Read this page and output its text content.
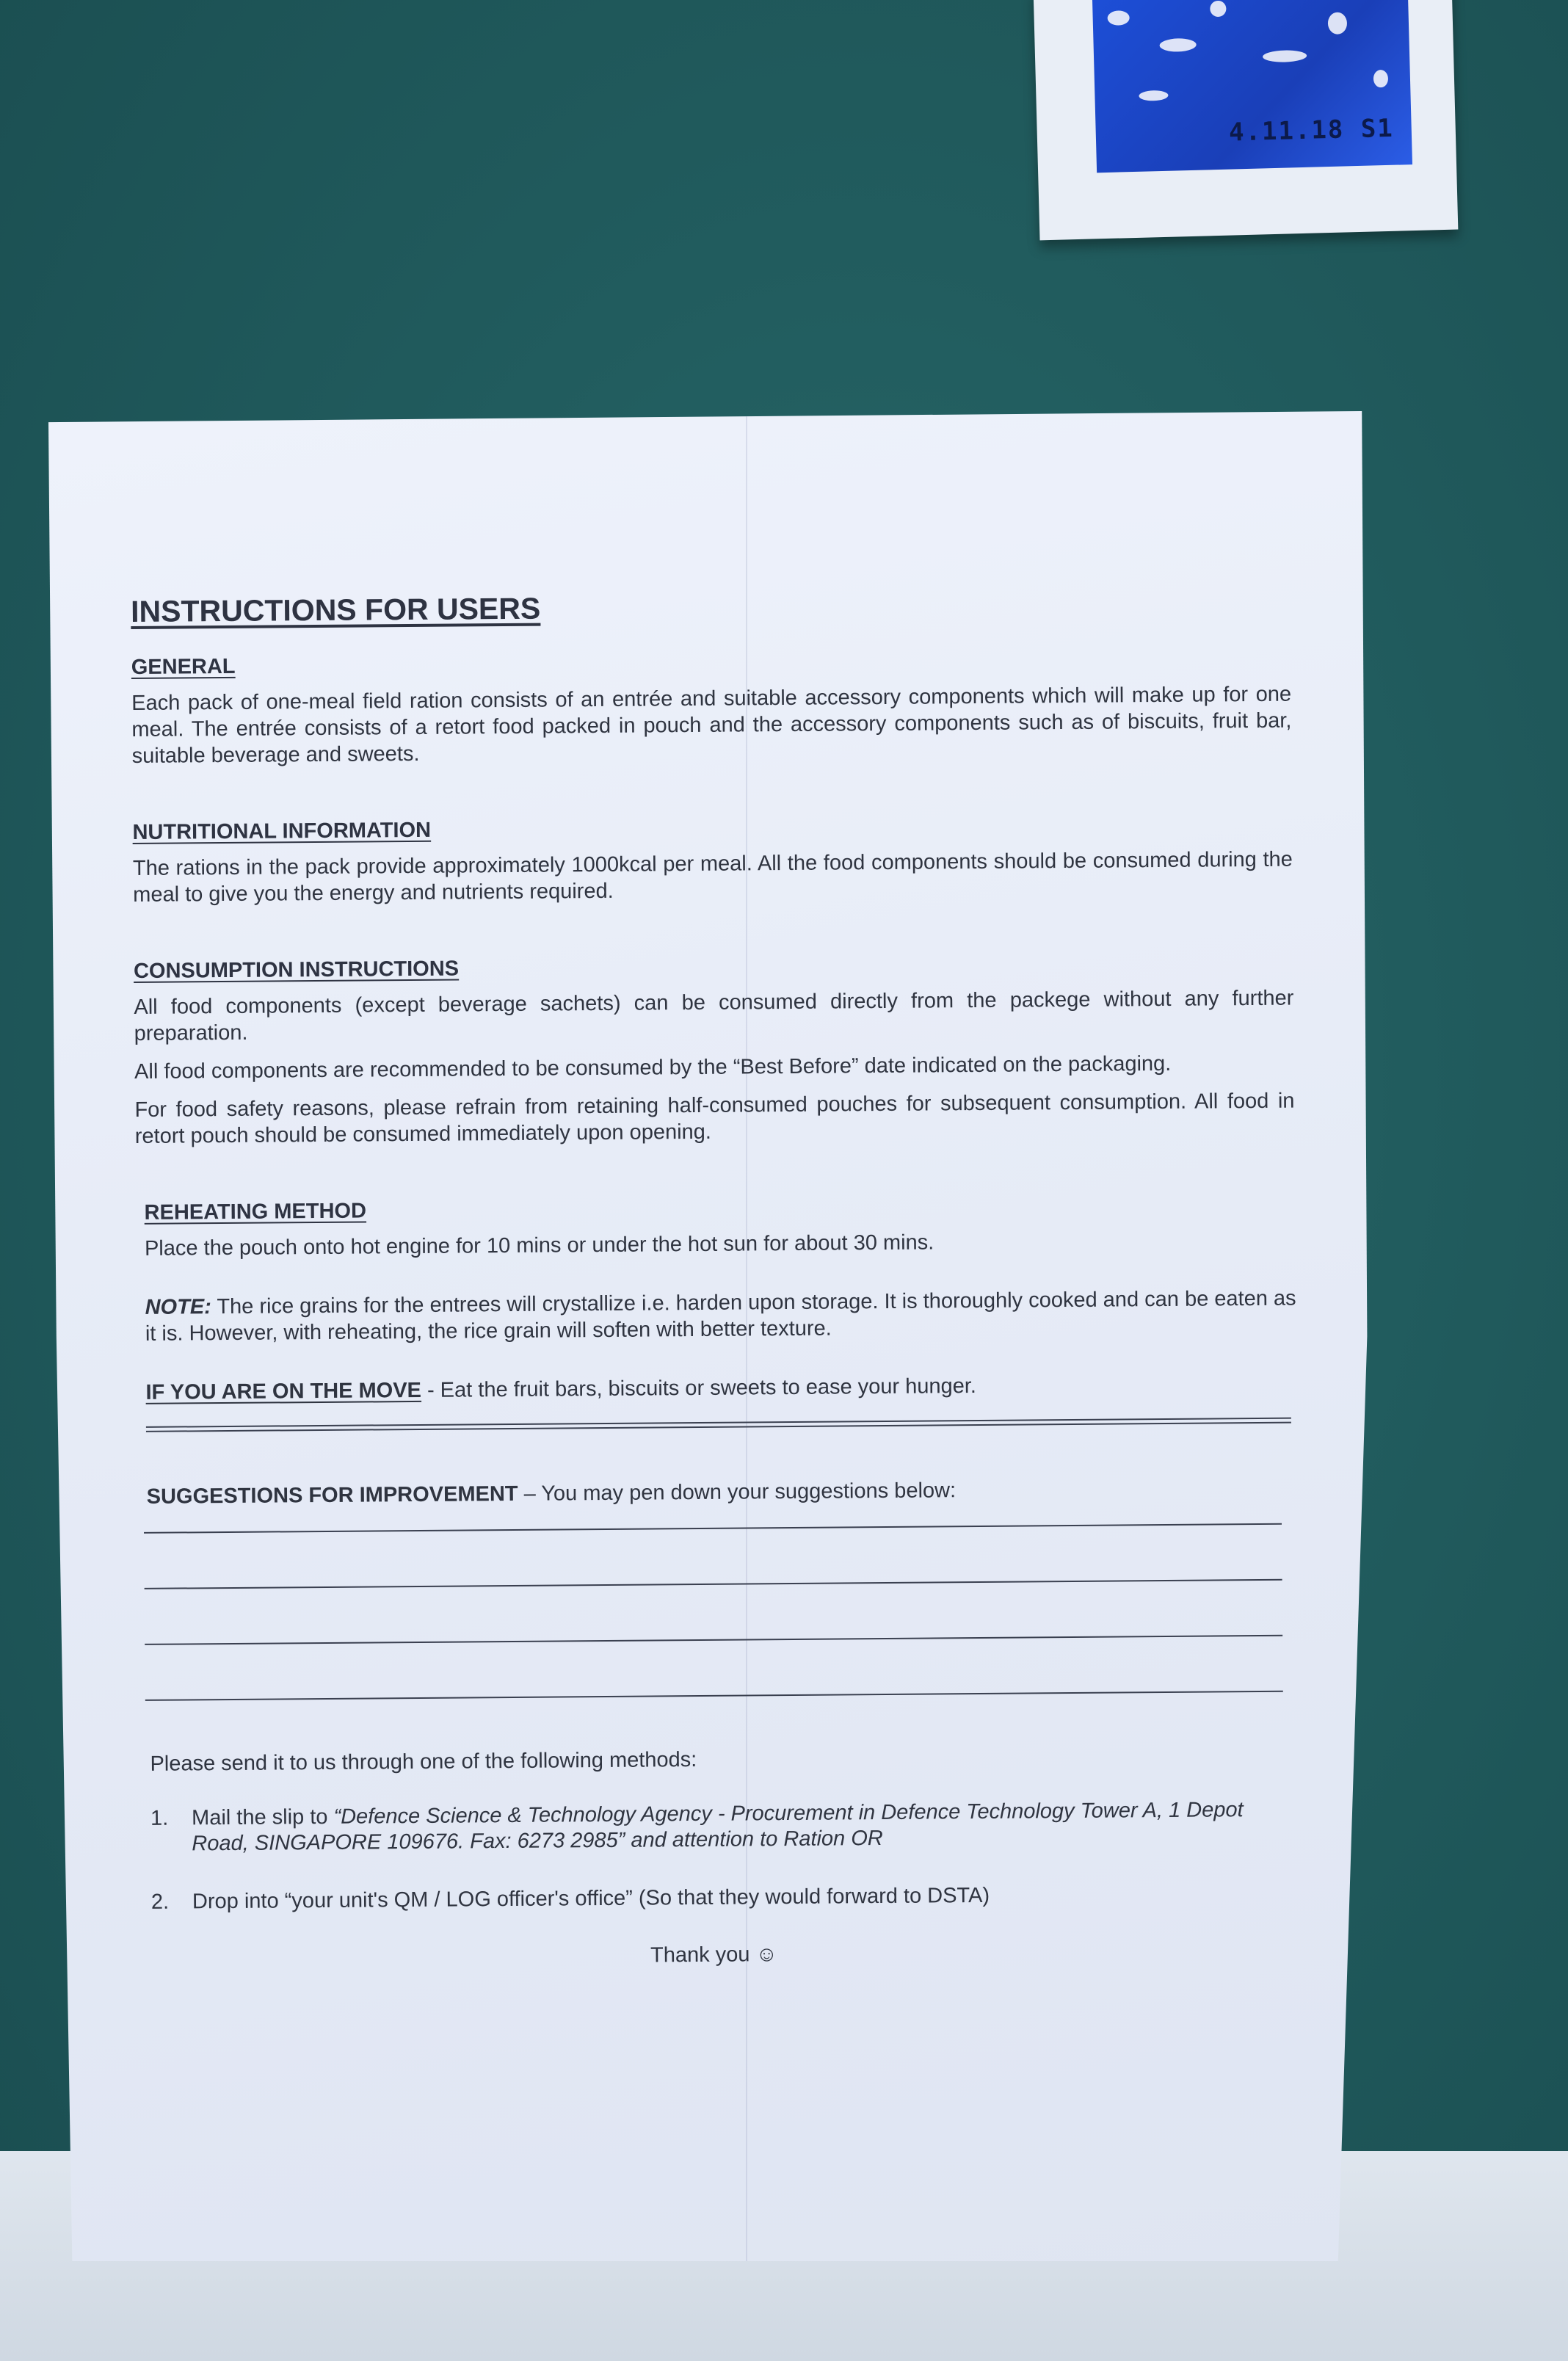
4.11.18 S1
INSTRUCTIONS FOR USERS
GENERAL
Each pack of one-meal field ration consists of an entrée and suitable accessory components which will make up for one meal. The entrée consists of a retort food packed in pouch and the accessory components such as of biscuits, fruit bar, suitable beverage and sweets.
NUTRITIONAL INFORMATION
The rations in the pack provide approximately 1000kcal per meal. All the food components should be consumed during the meal to give you the energy and nutrients required.
CONSUMPTION INSTRUCTIONS
All food components (except beverage sachets) can be consumed directly from the packege without any further preparation.
All food components are recommended to be consumed by the “Best Before” date indicated on the packaging.
For food safety reasons, please refrain from retaining half-consumed pouches for subsequent consumption. All food in retort pouch should be consumed immediately upon opening.
REHEATING METHOD
Place the pouch onto hot engine for 10 mins or under the hot sun for about 30 mins.
NOTE: The rice grains for the entrees will crystallize i.e. harden upon storage. It is thoroughly cooked and can be eaten as it is. However, with reheating, the rice grain will soften with better texture.
IF YOU ARE ON THE MOVE - Eat the fruit bars, biscuits or sweets to ease your hunger.
SUGGESTIONS FOR IMPROVEMENT – You may pen down your suggestions below:
Please send it to us through one of the following methods:
1.	Mail the slip to “Defence Science & Technology Agency - Procurement in Defence Technology Tower A, 1 Depot Road, SINGAPORE 109676. Fax: 6273 2985” and attention to Ration OR
2.	Drop into “your unit's QM / LOG officer's office” (So that they would forward to DSTA)
Thank you ☺
